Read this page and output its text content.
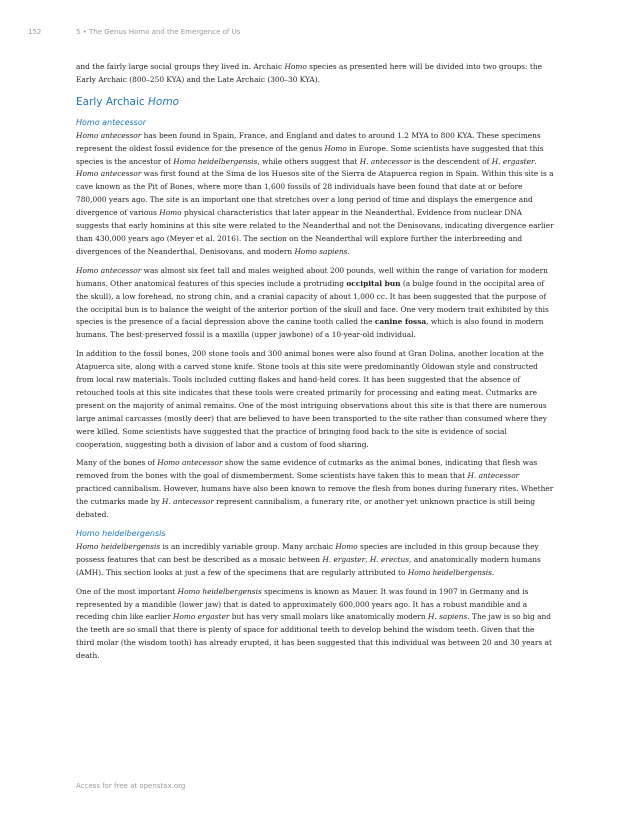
152	5 • The Genus Homo and the Emergence of Us

and the fairly large social groups they lived in. Archaic Homo species as presented here will be divided into two groups: the Early Archaic (800–250 KYA) and the Late Archaic (300–30 KYA).

Early Archaic Homo
Homo antecessor

Homo antecessor has been found in Spain, France, and England and dates to around 1.2 MYA to 800 KYA. These specimens represent the oldest fossil evidence for the presence of the genus Homo in Europe. Some scientists have suggested that this species is the ancestor of Homo heidelbergensis, while others suggest that H. antecessor is the descendent of H. ergaster. Homo antecessor was first found at the Sima de los Huesos site of the Sierra de Atapuerca region in Spain. Within this site is a cave known as the Pit of Bones, where more than 1,600 fossils of 28 individuals have been found that date at or before 780,000 years ago. The site is an important one that stretches over a long period of time and displays the emergence and divergence of various Homo physical characteristics that later appear in the Neanderthal. Evidence from nuclear DNA suggests that early hominins at this site were related to the Neanderthal and not the Denisovans, indicating divergence earlier than 430,000 years ago (Meyer et al. 2016). The section on the Neanderthal will explore further the interbreeding and divergences of the Neanderthal, Denisovans, and modern Homo sapiens.

Homo antecessor was almost six feet tall and males weighed about 200 pounds, well within the range of variation for modern humans. Other anatomical features of this species include a protruding occipital bun (a bulge found in the occipital area of the skull), a low forehead, no strong chin, and a cranial capacity of about 1,000 cc. It has been suggested that the purpose of the occipital bun is to balance the weight of the anterior portion of the skull and face. One very modern trait exhibited by this species is the presence of a facial depression above the canine tooth called the canine fossa, which is also found in modern humans. The best-preserved fossil is a maxilla (upper jawbone) of a 10-year-old individual.

In addition to the fossil bones, 200 stone tools and 300 animal bones were also found at Gran Dolina, another location at the Atapuerca site, along with a carved stone knife. Stone tools at this site were predominantly Oldowan style and constructed from local raw materials. Tools included cutting flakes and hand-held cores. It has been suggested that the absence of retouched tools at this site indicates that these tools were created primarily for processing and eating meat. Cutmarks are present on the majority of animal remains. One of the most intriguing observations about this site is that there are numerous large animal carcasses (mostly deer) that are believed to have been transported to the site rather than consumed where they were killed. Some scientists have suggested that the practice of bringing food back to the site is evidence of social cooperation, suggesting both a division of labor and a custom of food sharing.

Many of the bones of Homo antecessor show the same evidence of cutmarks as the animal bones, indicating that flesh was removed from the bones with the goal of dismemberment. Some scientists have taken this to mean that H. antecessor practiced cannibalism. However, humans have also been known to remove the flesh from bones during funerary rites. Whether the cutmarks made by H. antecessor represent cannibalism, a funerary rite, or another yet unknown practice is still being debated.

Homo heidelbergensis

Homo heidelbergensis is an incredibly variable group. Many archaic Homo species are included in this group because they possess features that can best be described as a mosaic between H. ergaster, H. erectus, and anatomically modern humans (AMH). This section looks at just a few of the specimens that are regularly attributed to Homo heidelbergensis.

One of the most important Homo heidelbergensis specimens is known as Mauer. It was found in 1907 in Germany and is represented by a mandible (lower jaw) that is dated to approximately 600,000 years ago. It has a robust mandible and a receding chin like earlier Homo ergaster but has very small molars like anatomically modern H. sapiens. The jaw is so big and the teeth are so small that there is plenty of space for additional teeth to develop behind the wisdom teeth. Given that the third molar (the wisdom tooth) has already erupted, it has been suggested that this individual was between 20 and 30 years at death.

Access for free at openstax.org
